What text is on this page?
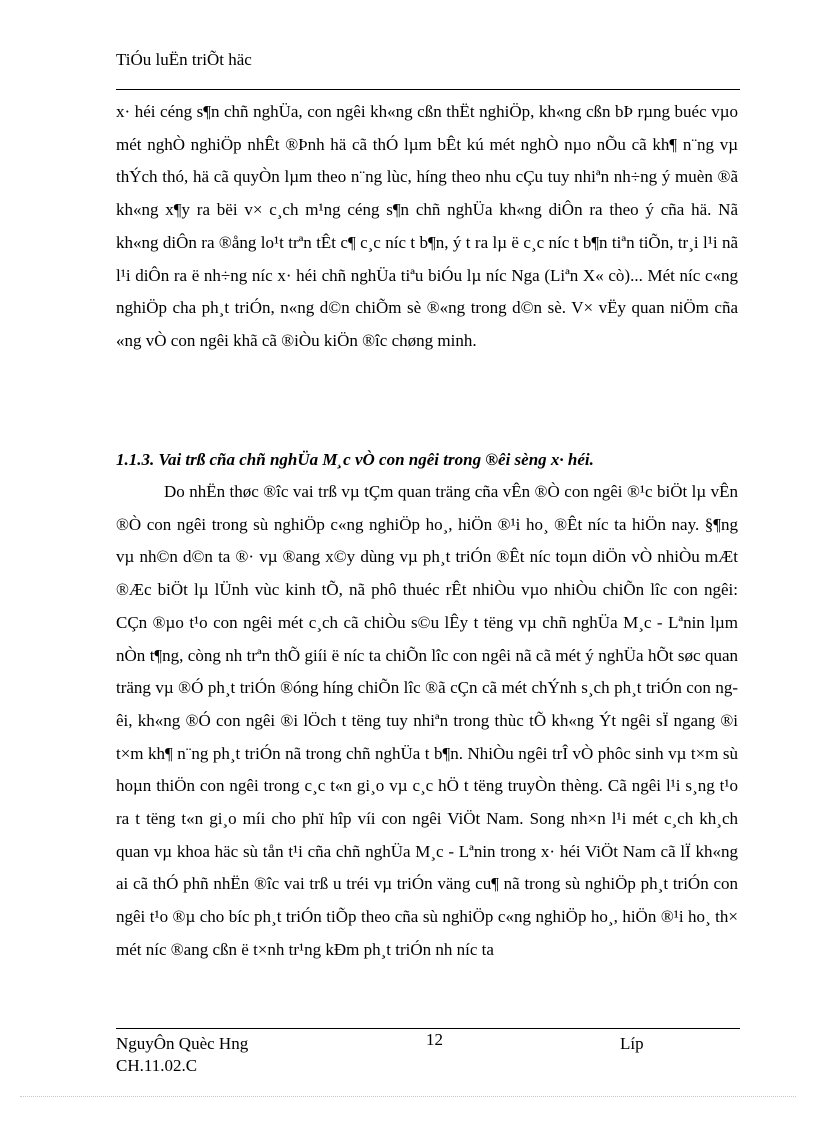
TiÓu luËn triÕt häc

x· héi céng s¶n chñ nghÜa, con ngêi kh«ng cßn thËt nghiÖp, kh«ng cßn bÞ rµng buéc vµo mét nghÒ nghiÖp nhÊt ®Þnh hä cã thÓ lµm bÊt kú mét nghÒ nµo nÕu cã kh¶ n¨ng vµ thÝch thó, hä cã quyÒn lµm theo n¨ng lùc, híng theo nhu cÇu tuy nhiªn nh÷ng ý muèn ®ã kh«ng x¶y ra bëi v× c¸ch m¹ng céng s¶n chñ nghÜa kh«ng diÔn ra theo ý cña hä. Nã kh«ng diÔn ra ®ång lo¹t trªn tÊt c¶ c¸c níc t b¶n, ý t ra lµ ë c¸c níc t b¶n tiªn tiÕn, tr¸i l¹i nã l¹i diÔn ra ë nh÷ng níc x· héi chñ nghÜa tiªu biÓu lµ níc Nga (Liªn X« cò)... Mét níc c«ng nghiÖp cha ph¸t triÓn, n«ng d©n chiÕm sè ®«ng trong d©n sè. V× vËy quan niÖm cña «ng vÒ con ngêi khã cã ®iÒu kiÖn ®îc chøng minh.

1.1.3. Vai trß cña chñ nghÜa M¸c vÒ con ngêi trong ®êi sèng x· héi.

Do nhËn thøc ®îc vai trß vµ tÇm quan träng cña vÊn ®Ò con ngêi ®¹c biÖt lµ vÊn ®Ò con ngêi trong sù nghiÖp c«ng nghiÖp ho¸, hiÖn ®¹i ho¸ ®Êt níc ta hiÖn nay. §¶ng vµ nh©n d©n ta ®· vµ ®ang x©y dùng vµ ph¸t triÓn ®Êt níc toµn diÖn vÒ nhiÒu mÆt ®Æc biÖt lµ lÜnh vùc kinh tÕ, nã phô thuéc rÊt nhiÒu vµo nhiÒu chiÕn lîc con ngêi: CÇn ®µo t¹o con ngêi mét c¸ch cã chiÒu s©u lÊy t tëng vµ chñ nghÜa M¸c - Lªnin lµm nÒn t¶ng, còng nh trªn thÕ giíi ë níc ta chiÕn lîc con ngêi nã cã mét ý nghÜa hÕt søc quan träng vµ ®Ó ph¸t triÓn ®óng híng chiÕn lîc ®ã cÇn cã mét chÝnh s¸ch ph¸t triÓn con ngêi, kh«ng ®Ó con ngêi ®i lÖch t tëng tuy nhiªn trong thùc tÕ kh«ng Ýt ngêi sÏ ngang ®i t×m kh¶ n¨ng ph¸t triÓn nã trong chñ nghÜa t b¶n. NhiÒu ngêi trÎ vÒ phôc sinh vµ t×m sù hoµn thiÖn con ngêi trong c¸c t«n gi¸o vµ c¸c hÖ t tëng truyÒn thèng. Cã ngêi l¹i s¸ng t¹o ra t tëng t«n gi¸o míi cho phï hîp víi con ngêi ViÖt Nam. Song nh×n l¹i mét c¸ch kh¸ch quan vµ khoa häc sù tån t¹i cña chñ nghÜa M¸c - Lªnin trong x· héi ViÖt Nam cã lÏ kh«ng ai cã thÓ phñ nhËn ®îc vai trß u tréi vµ triÓn väng cu¶ nã trong sù nghiÖp ph¸t triÓn con ngêi t¹o ®µ cho bíc ph¸t triÓn tiÕp theo cña sù nghiÖp c«ng nghiÖp ho¸, hiÖn ®¹i ho¸ th× mét níc ®ang cßn ë t×nh tr¹ng kÐm ph¸t triÓn nh níc ta

NguyÔn Quèc Hng
CH.11.02.C
12	Líp
